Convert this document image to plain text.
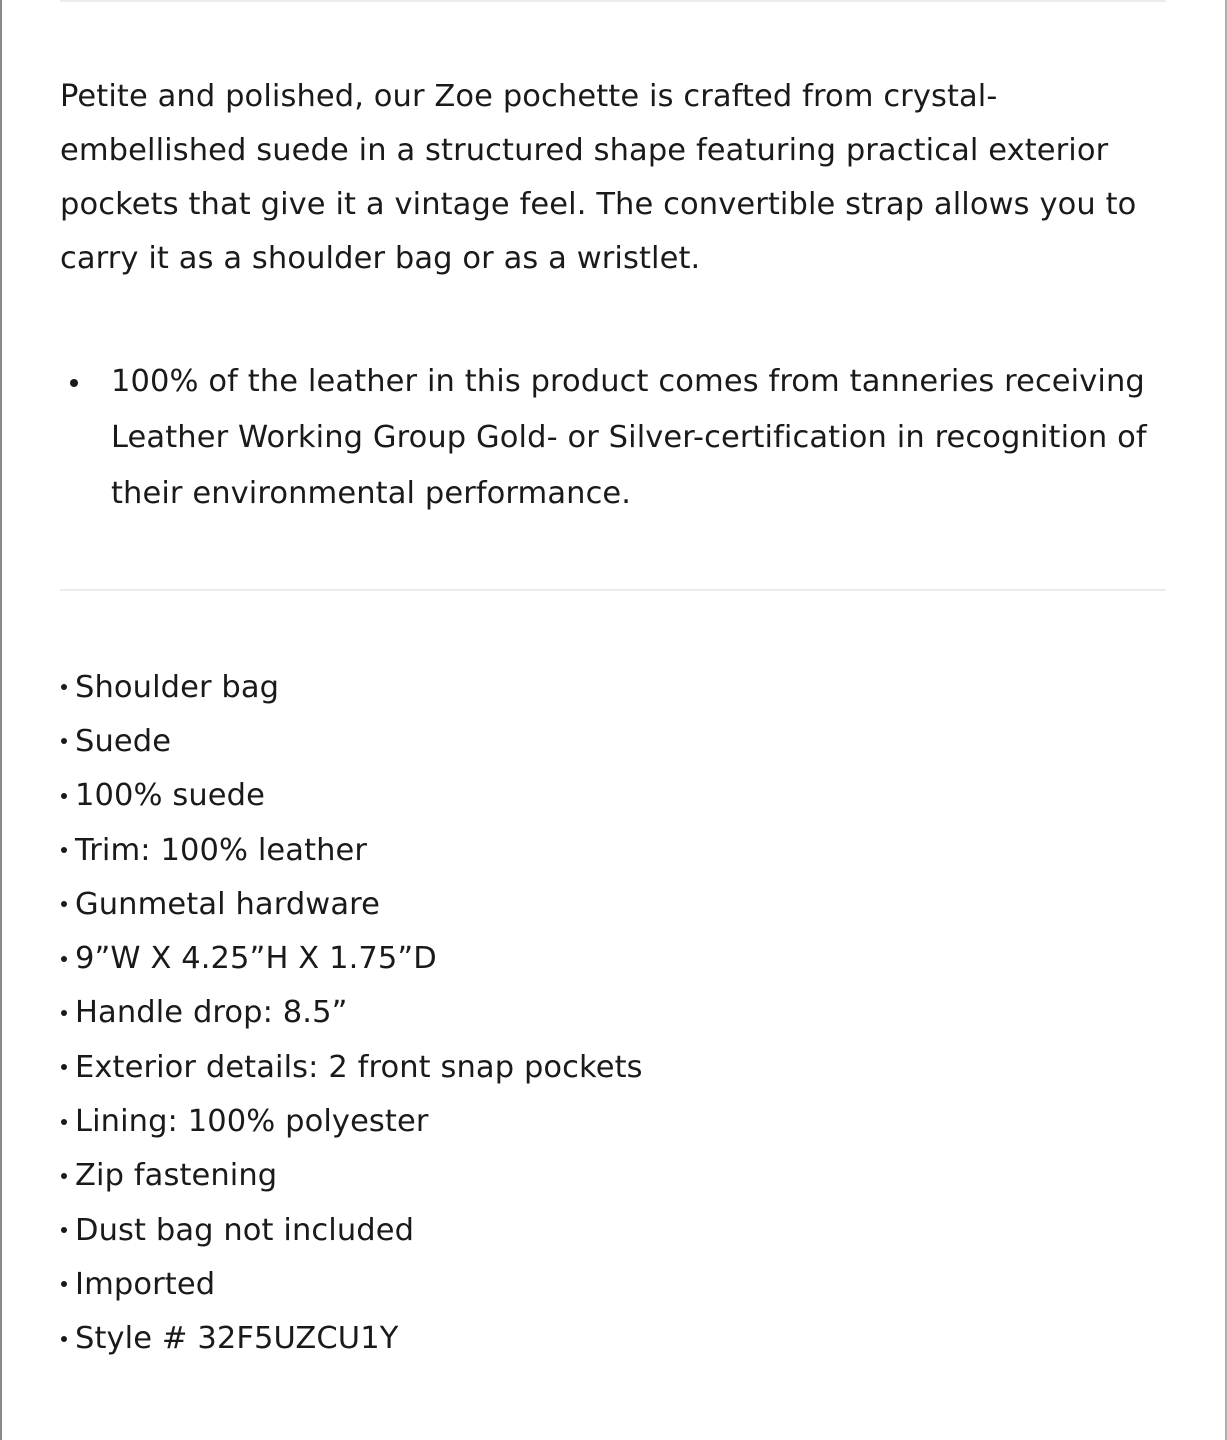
Petite and polished, our Zoe pochette is crafted from crystal-embellished suede in a structured shape featuring practical exterior pockets that give it a vintage feel. The convertible strap allows you to carry it as a shoulder bag or as a wristlet.

100% of the leather in this product comes from tanneries receiving Leather Working Group Gold- or Silver-certification in recognition of their environmental performance.
Shoulder bag
Suede
100% suede
Trim: 100% leather
Gunmetal hardware
9”W X 4.25”H X 1.75”D
Handle drop: 8.5”
Exterior details: 2 front snap pockets
Lining: 100% polyester
Zip fastening
Dust bag not included
Imported
Style # 32F5UZCU1Y
